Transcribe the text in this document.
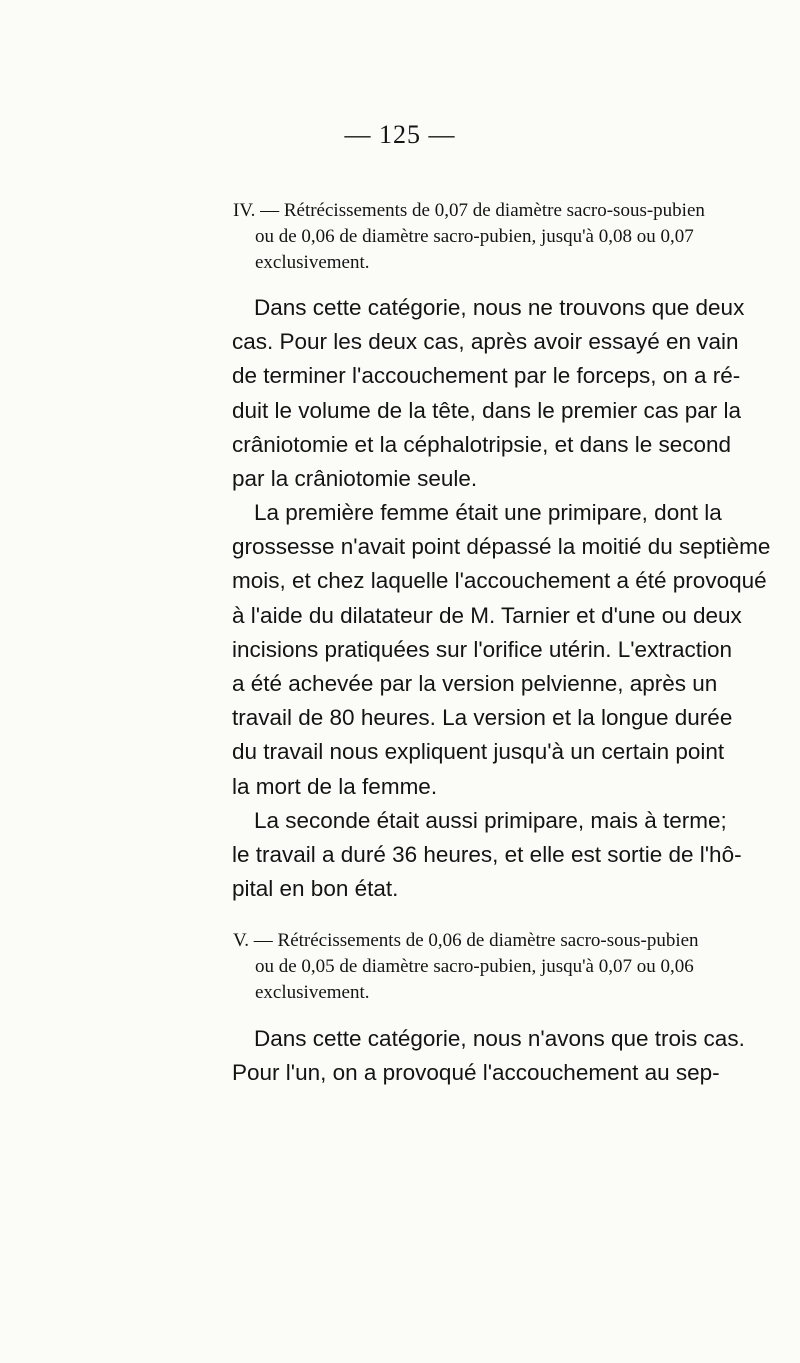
— 125 —
IV. — Rétrécissements de 0,07 de diamètre sacro-sous-pubien
ou de 0,06 de diamètre sacro-pubien, jusqu'à 0,08 ou 0,07
exclusivement.
Dans cette catégorie, nous ne trouvons que deux
cas. Pour les deux cas, après avoir essayé en vain
de terminer l'accouchement par le forceps, on a ré-
duit le volume de la tête, dans le premier cas par la
crâniotomie et la céphalotripsie, et dans le second
par la crâniotomie seule.
La première femme était une primipare, dont la
grossesse n'avait point dépassé la moitié du septième
mois, et chez laquelle l'accouchement a été provoqué
à l'aide du dilatateur de M. Tarnier et d'une ou deux
incisions pratiquées sur l'orifice utérin. L'extraction
a été achevée par la version pelvienne, après un
travail de 80 heures. La version et la longue durée
du travail nous expliquent jusqu'à un certain point
la mort de la femme.
La seconde était aussi primipare, mais à terme;
le travail a duré 36 heures, et elle est sortie de l'hô-
pital en bon état.
V. — Rétrécissements de 0,06 de diamètre sacro-sous-pubien
ou de 0,05 de diamètre sacro-pubien, jusqu'à 0,07 ou 0,06
exclusivement.
Dans cette catégorie, nous n'avons que trois cas.
Pour l'un, on a provoqué l'accouchement au sep-
